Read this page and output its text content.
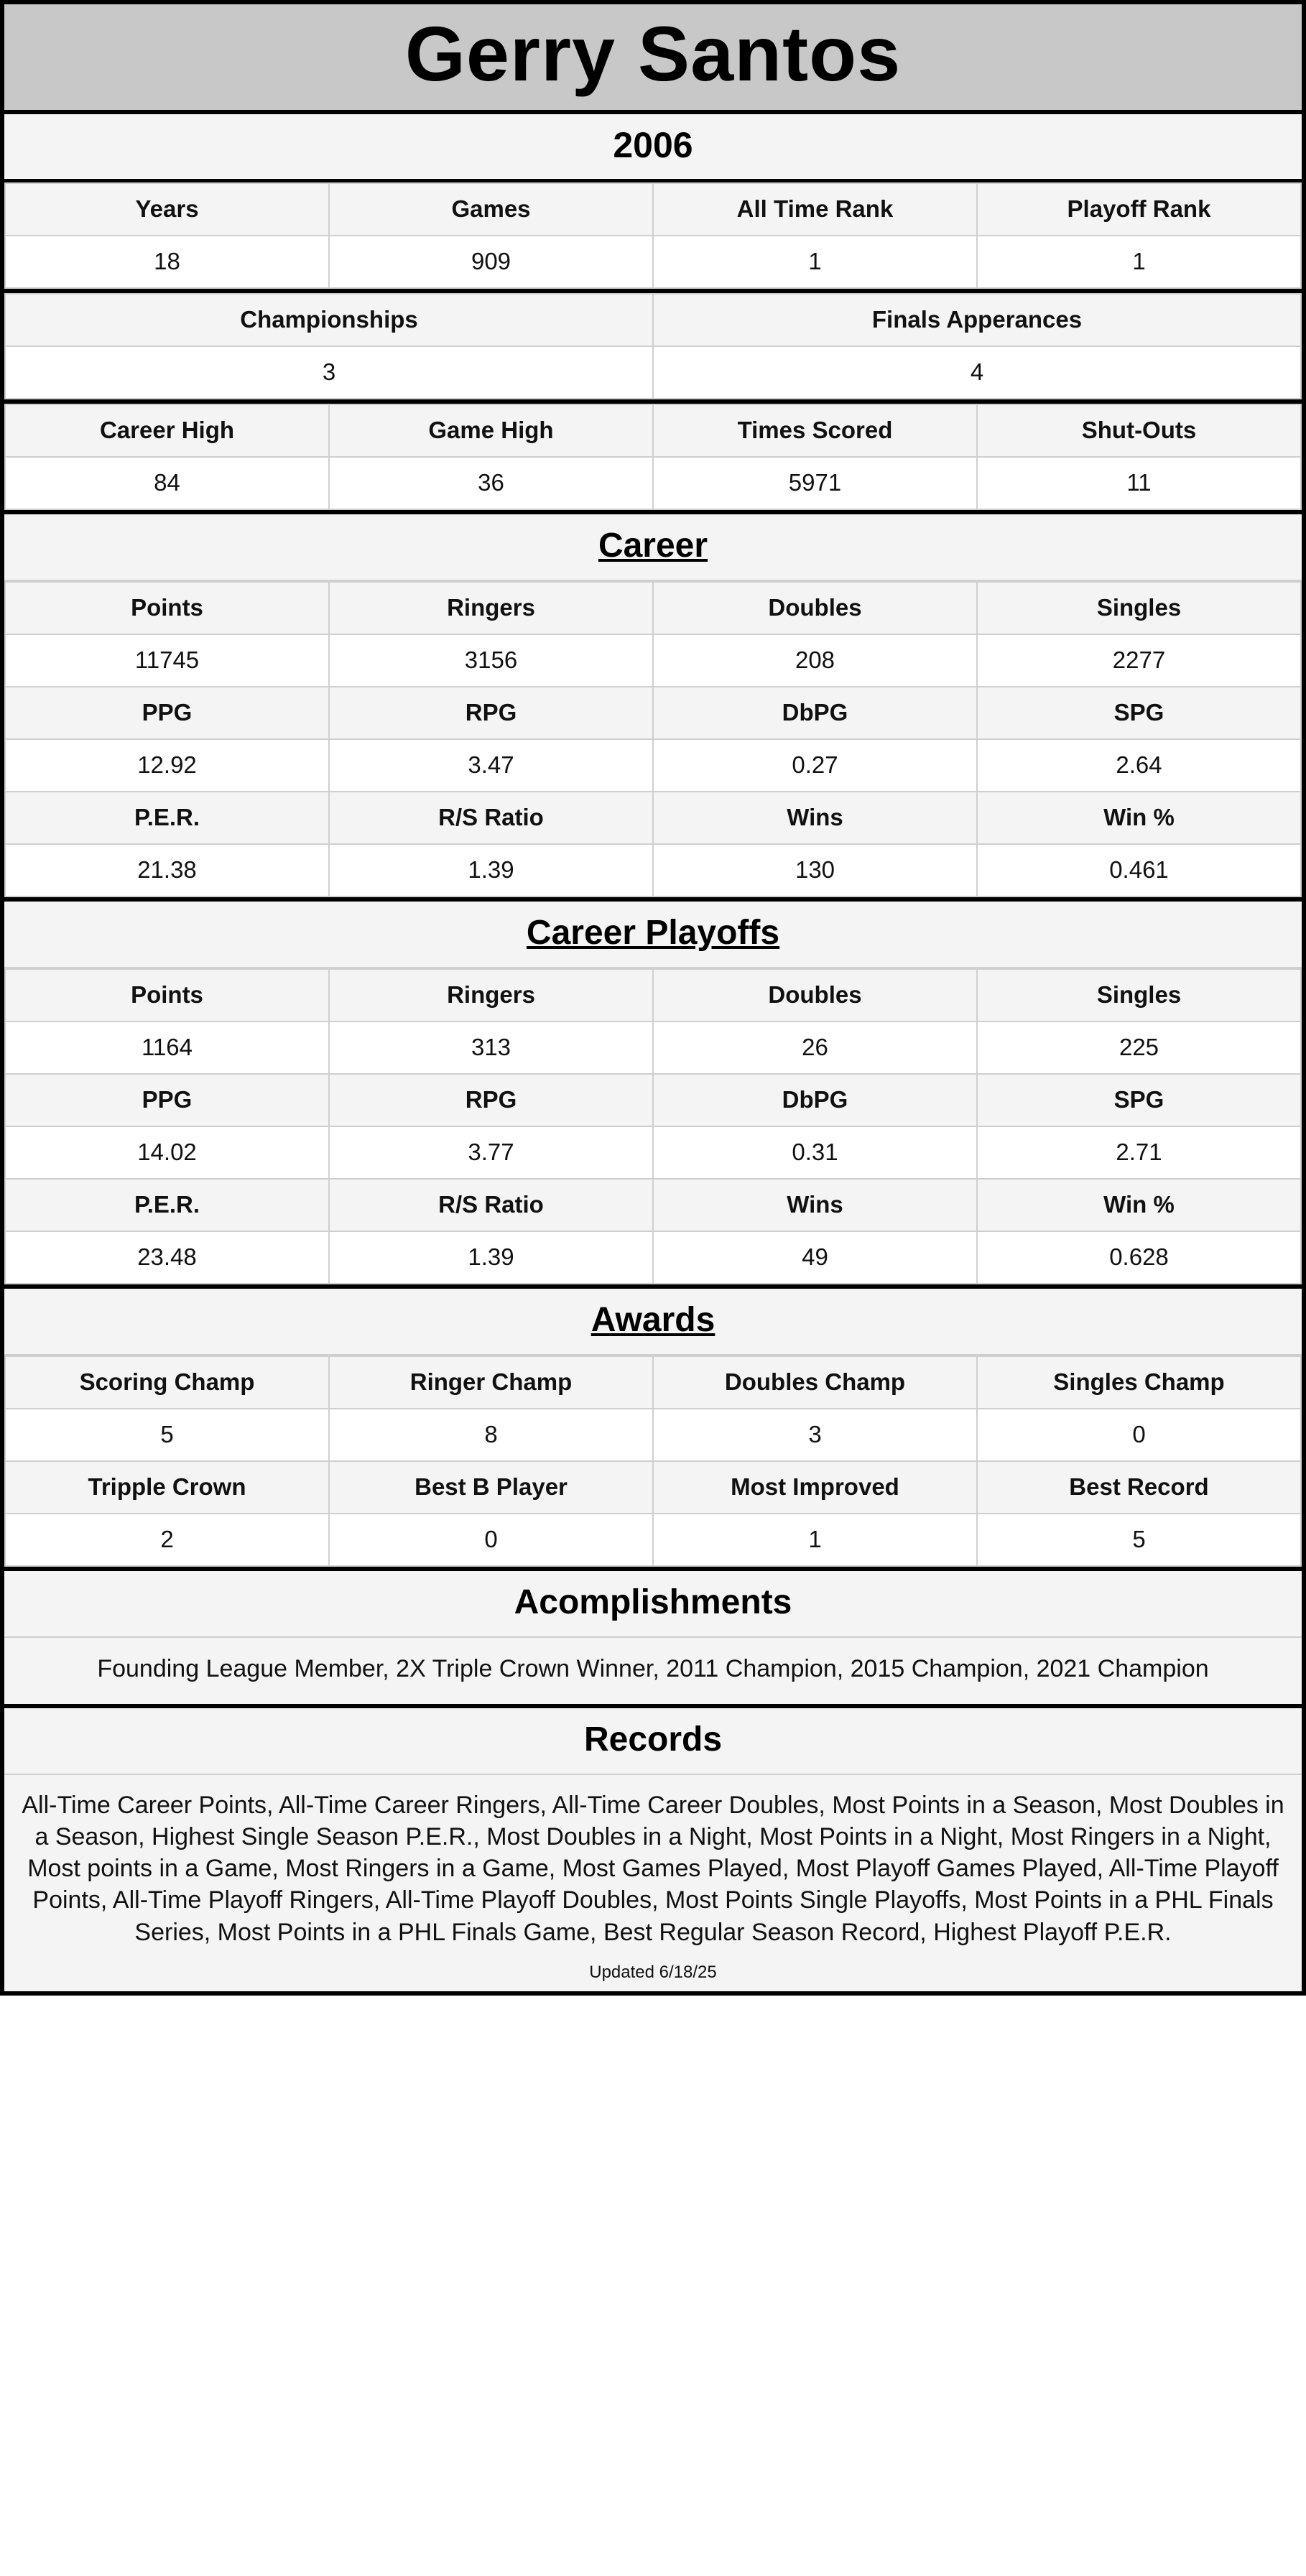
Gerry Santos
2006
Years	Games	All Time Rank	Playoff Rank
18	909	1	1
Championships	Finals Apperances
3	4
Career High	Game High	Times Scored	Shut-Outs
84	36	5971	11
Career
Points	Ringers	Doubles	Singles
11745	3156	208	2277
PPG	RPG	DbPG	SPG
12.92	3.47	0.27	2.64
P.E.R.	R/S Ratio	Wins	Win %
21.38	1.39	130	0.461
Career Playoffs
Points	Ringers	Doubles	Singles
1164	313	26	225
PPG	RPG	DbPG	SPG
14.02	3.77	0.31	2.71
P.E.R.	R/S Ratio	Wins	Win %
23.48	1.39	49	0.628
Awards
Scoring Champ	Ringer Champ	Doubles Champ	Singles Champ
5	8	3	0
Tripple Crown	Best B Player	Most Improved	Best Record
2	0	1	5
Acomplishments
Founding League Member, 2X Triple Crown Winner, 2011 Champion, 2015 Champion, 2021 Champion
Records
All-Time Career Points, All-Time Career Ringers, All-Time Career Doubles, Most Points in a Season, Most Doubles in a Season, Highest Single Season P.E.R., Most Doubles in a Night, Most Points in a Night, Most Ringers in a Night, Most points in a Game, Most Ringers in a Game, Most Games Played, Most Playoff Games Played, All-Time Playoff Points, All-Time Playoff Ringers, All-Time Playoff Doubles, Most Points Single Playoffs, Most Points in a PHL Finals Series, Most Points in a PHL Finals Game, Best Regular Season Record, Highest Playoff P.E.R.
Updated 6/18/25
